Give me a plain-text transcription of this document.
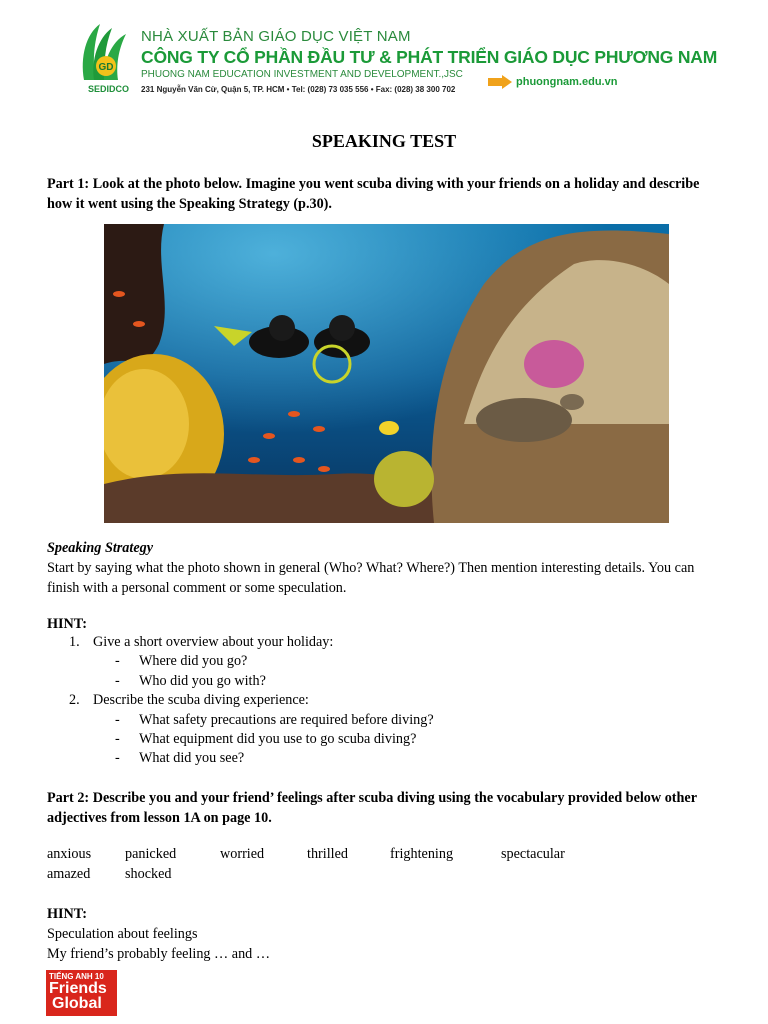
GD
SEDIDCO
NHÀ XUẤT BẢN GIÁO DỤC VIỆT NAM
CÔNG TY CỔ PHẦN ĐẦU TƯ & PHÁT TRIỂN GIÁO DỤC PHƯƠNG NAM
PHUONG NAM EDUCATION INVESTMENT AND DEVELOPMENT.,JSC
231 Nguyễn Văn Cừ, Quận 5, TP. HCM • Tel: (028) 73 035 556 • Fax: (028) 38 300 702
phuongnam.edu.vn
SPEAKING TEST
Part 1: Look at the photo below. Imagine you went scuba diving with your friends on a holiday and describe how it went using the Speaking Strategy (p.30).
Speaking Strategy
Start by saying what the photo shown in general (Who? What? Where?) Then mention interesting details. You can finish with a personal comment or some speculation.
HINT:
1. Give a short overview about your holiday:
- Where did you go?
- Who did you go with?
2. Describe the scuba diving experience:
- What safety precautions are required before diving?
- What equipment did you use to go scuba diving?
- What did you see?
Part 2: Describe you and your friend’ feelings after scuba diving using the vocabulary provided below other adjectives from lesson 1A on page 10.
anxious panicked	worried	thrilled	frightening	spectacular
amazed shocked
HINT:
Speculation about feelings
My friend’s probably feeling … and …
TIẾNG ANH 10
Friends
Global
